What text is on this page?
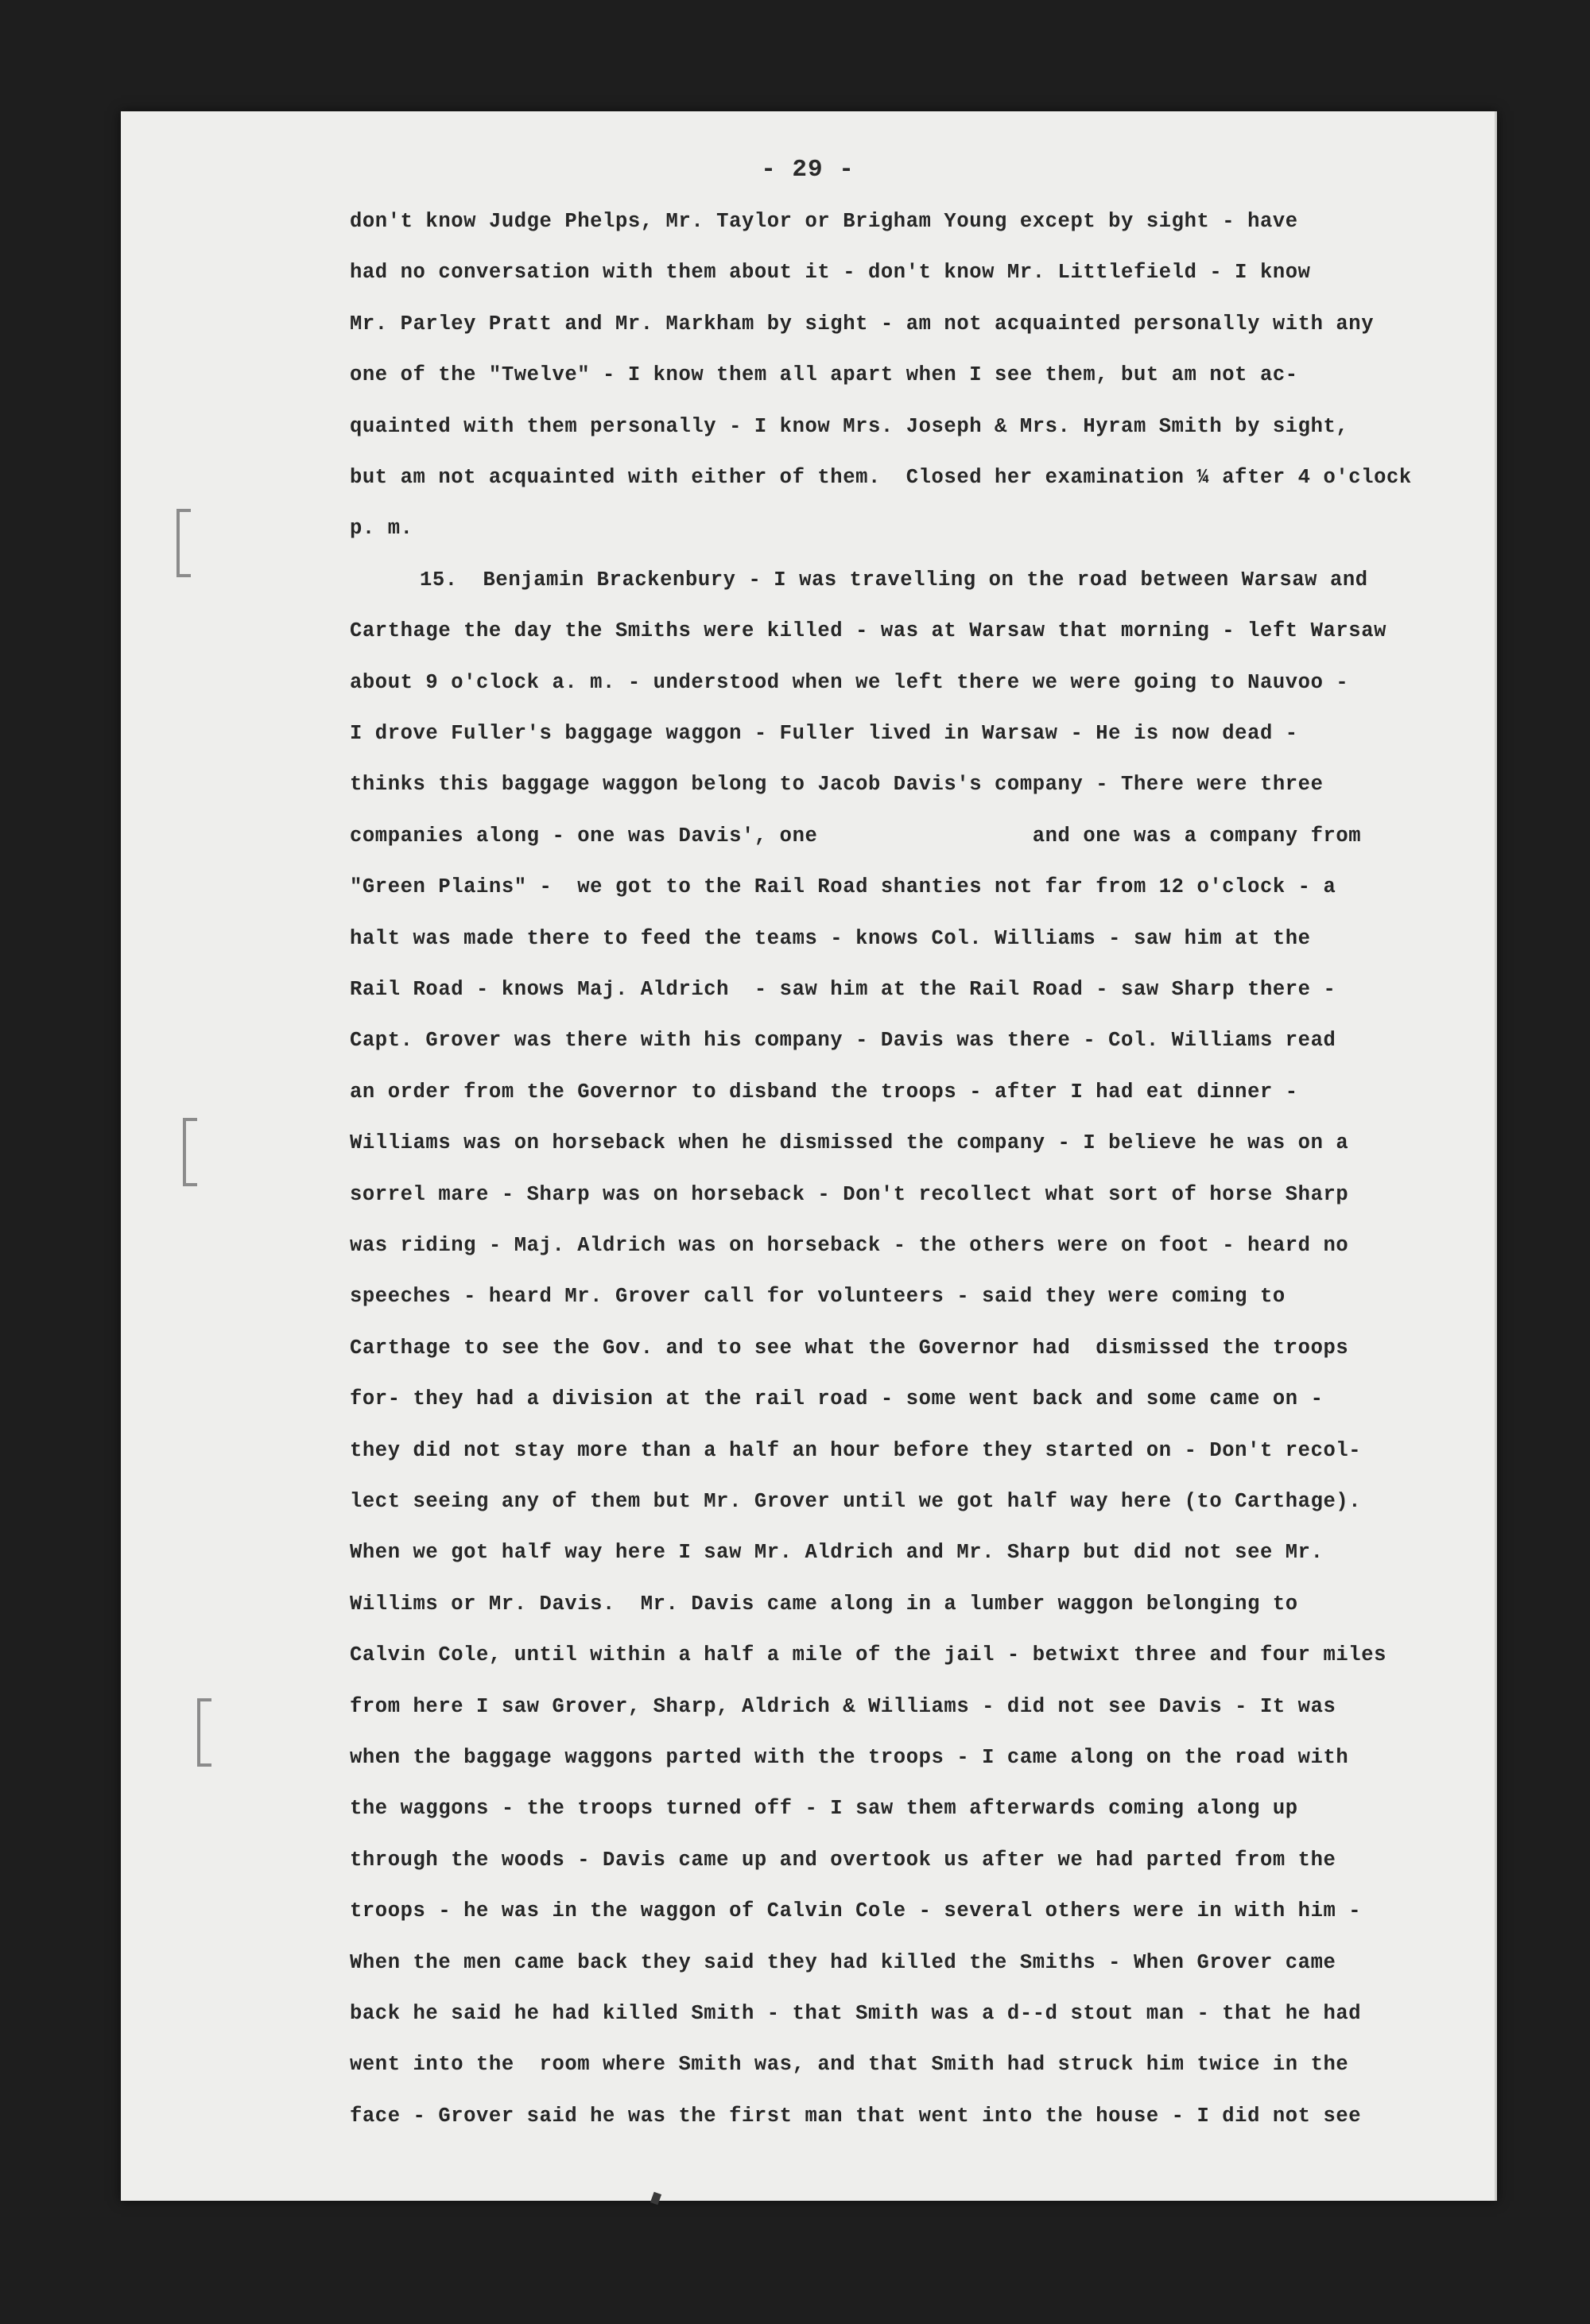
- 29 -
don't know Judge Phelps, Mr. Taylor or Brigham Young except by sight - have
had no conversation with them about it - don't know Mr. Littlefield - I know
Mr. Parley Pratt and Mr. Markham by sight - am not acquainted personally with any
one of the "Twelve" - I know them all apart when I see them, but am not ac-
quainted with them personally - I know Mrs. Joseph & Mrs. Hyram Smith by sight,
but am not acquainted with either of them.  Closed her examination ¼ after 4 o'clock
p. m.
15.  Benjamin Brackenbury - I was travelling on the road between Warsaw and
Carthage the day the Smiths were killed - was at Warsaw that morning - left Warsaw
about 9 o'clock a. m. - understood when we left there we were going to Nauvoo -
I drove Fuller's baggage waggon - Fuller lived in Warsaw - He is now dead -
thinks this baggage waggon belong to Jacob Davis's company - There were three
companies along - one was Davis', one                 and one was a company from
"Green Plains" -  we got to the Rail Road shanties not far from 12 o'clock - a
halt was made there to feed the teams - knows Col. Williams - saw him at the
Rail Road - knows Maj. Aldrich  - saw him at the Rail Road - saw Sharp there -
Capt. Grover was there with his company - Davis was there - Col. Williams read
an order from the Governor to disband the troops - after I had eat dinner -
Williams was on horseback when he dismissed the company - I believe he was on a
sorrel mare - Sharp was on horseback - Don't recollect what sort of horse Sharp
was riding - Maj. Aldrich was on horseback - the others were on foot - heard no
speeches - heard Mr. Grover call for volunteers - said they were coming to
Carthage to see the Gov. and to see what the Governor had  dismissed the troops
for- they had a division at the rail road - some went back and some came on -
they did not stay more than a half an hour before they started on - Don't recol-
lect seeing any of them but Mr. Grover until we got half way here (to Carthage).
When we got half way here I saw Mr. Aldrich and Mr. Sharp but did not see Mr.
Willims or Mr. Davis.  Mr. Davis came along in a lumber waggon belonging to
Calvin Cole, until within a half a mile of the jail - betwixt three and four miles
from here I saw Grover, Sharp, Aldrich & Williams - did not see Davis - It was
when the baggage waggons parted with the troops - I came along on the road with
the waggons - the troops turned off - I saw them afterwards coming along up
through the woods - Davis came up and overtook us after we had parted from the
troops - he was in the waggon of Calvin Cole - several others were in with him -
When the men came back they said they had killed the Smiths - When Grover came
back he said he had killed Smith - that Smith was a d--d stout man - that he had
went into the  room where Smith was, and that Smith had struck him twice in the
face - Grover said he was the first man that went into the house - I did not see
